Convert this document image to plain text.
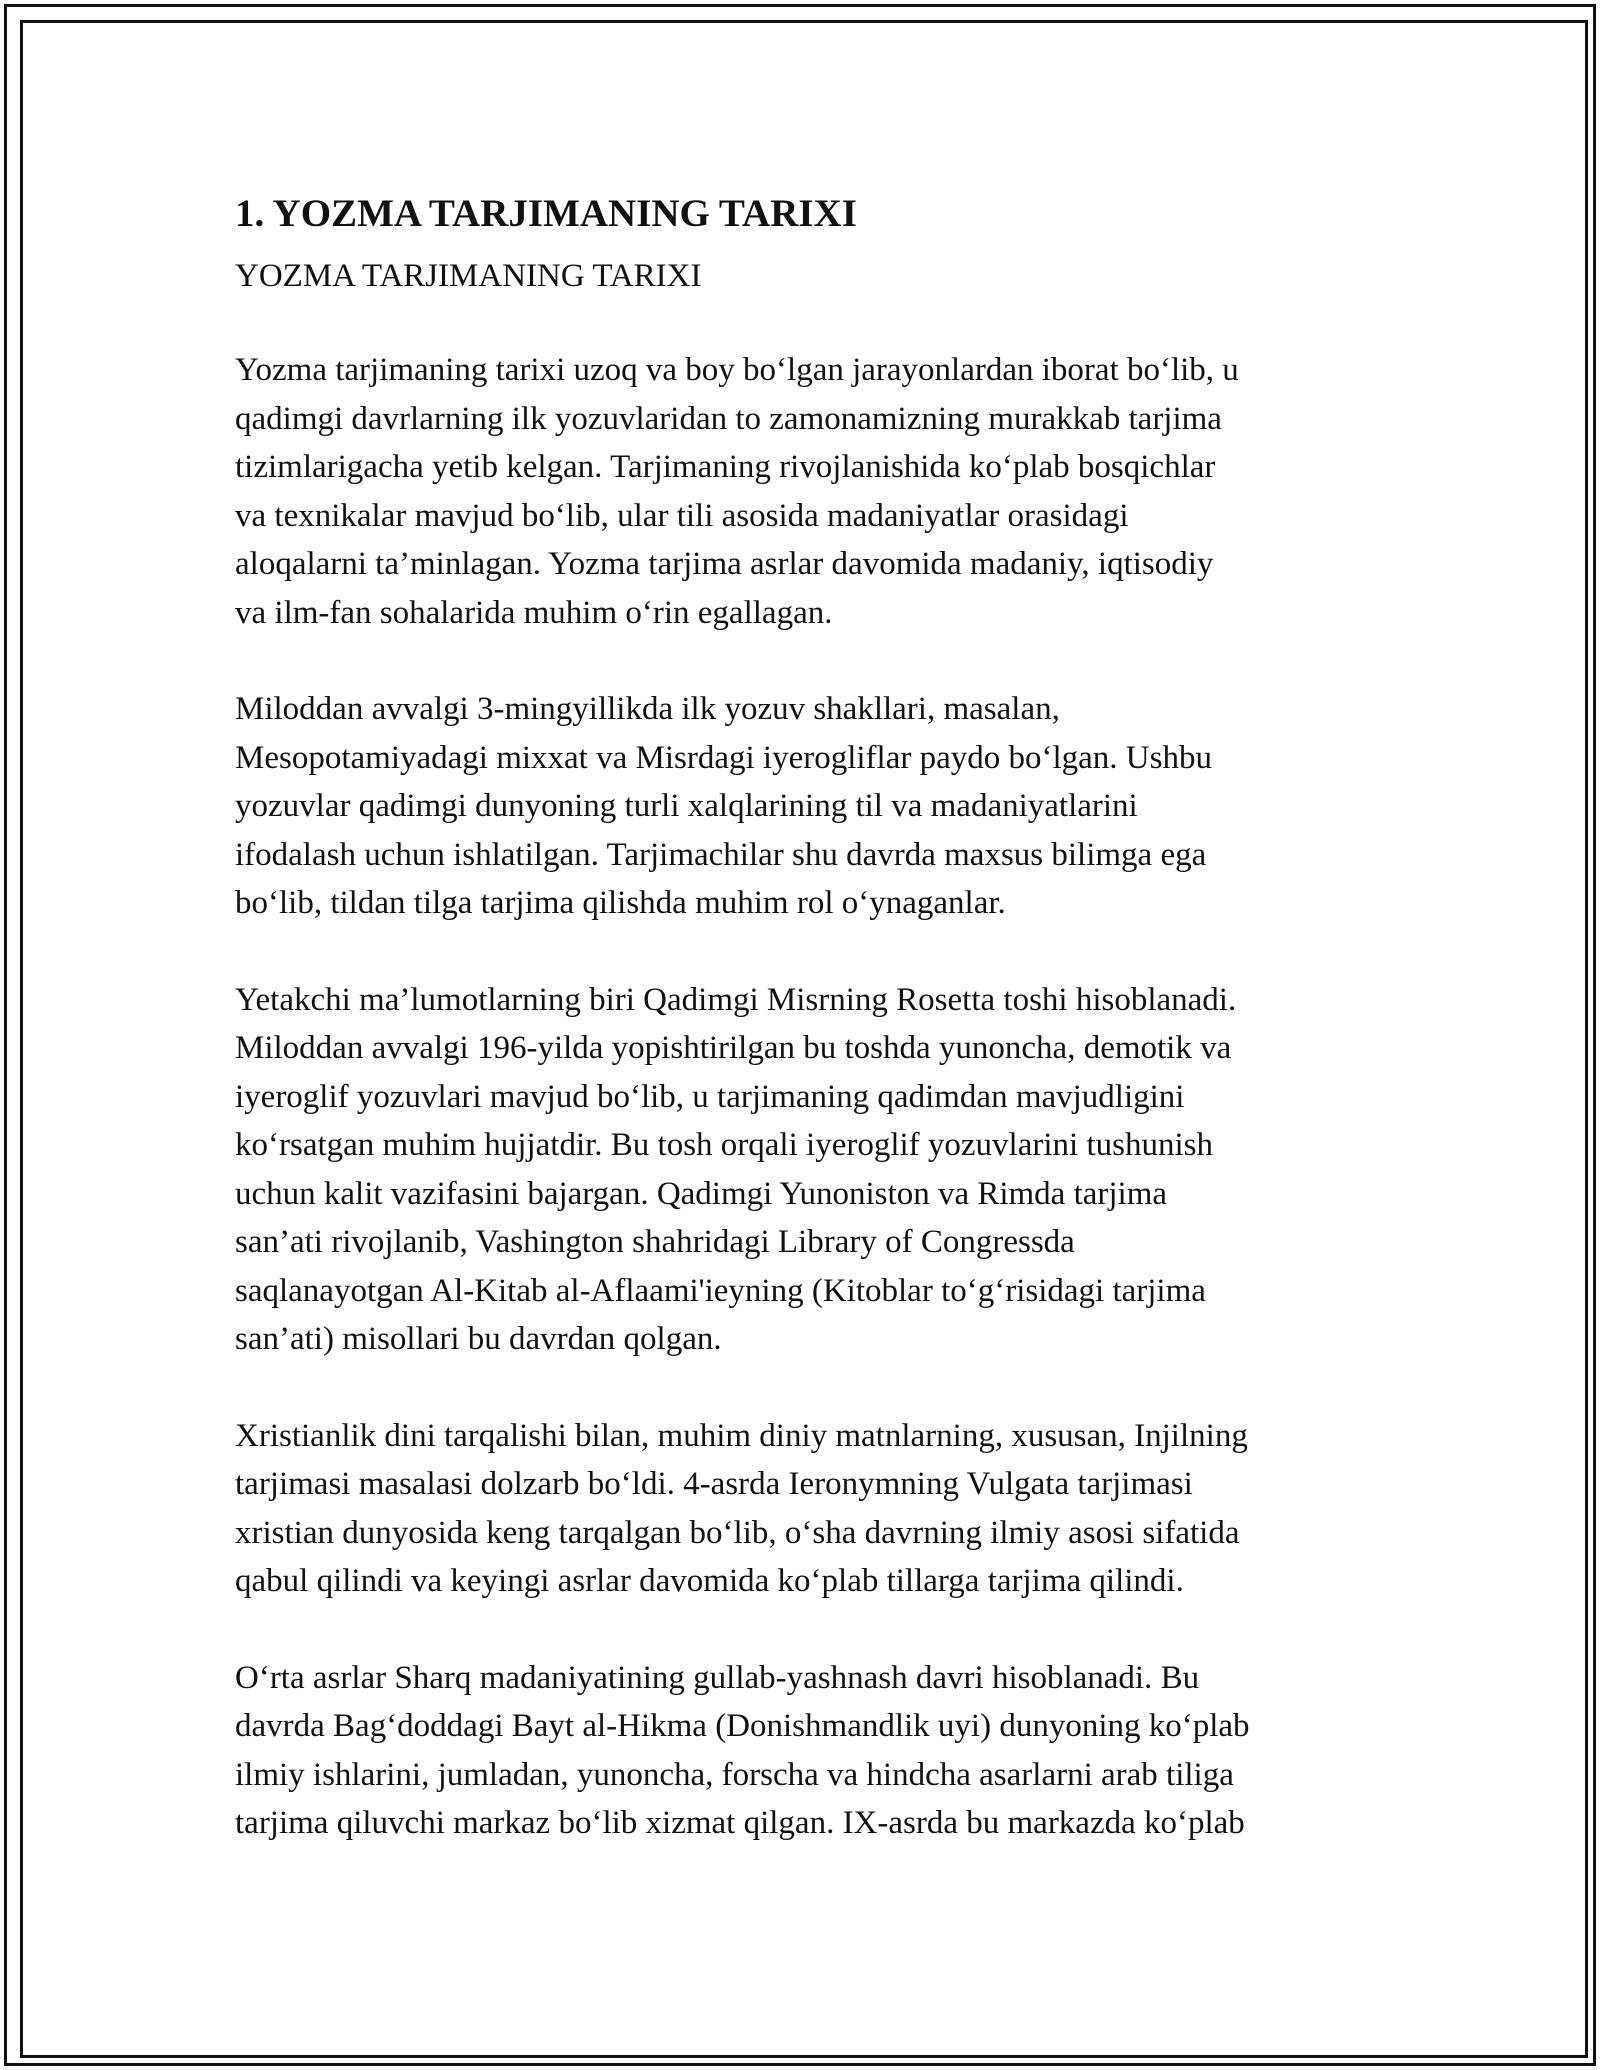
1. YOZMA TARJIMANING TARIXI
YOZMA TARJIMANING TARIXI
Yozma tarjimaning tarixi uzoq va boy bo‘lgan jarayonlardan iborat bo‘lib, u
qadimgi davrlarning ilk yozuvlaridan to zamonamizning murakkab tarjima
tizimlarigacha yetib kelgan. Tarjimaning rivojlanishida ko‘plab bosqichlar
va texnikalar mavjud bo‘lib, ular tili asosida madaniyatlar orasidagi
aloqalarni ta’minlagan. Yozma tarjima asrlar davomida madaniy, iqtisodiy
va ilm-fan sohalarida muhim o‘rin egallagan.
Miloddan avvalgi 3-mingyillikda ilk yozuv shakllari, masalan,
Mesopotamiyadagi mixxat va Misrdagi iyerogliflar paydo bo‘lgan. Ushbu
yozuvlar qadimgi dunyoning turli xalqlarining til va madaniyatlarini
ifodalash uchun ishlatilgan. Tarjimachilar shu davrda maxsus bilimga ega
bo‘lib, tildan tilga tarjima qilishda muhim rol o‘ynaganlar.
Yetakchi ma’lumotlarning biri Qadimgi Misrning Rosetta toshi hisoblanadi.
Miloddan avvalgi 196-yilda yopishtirilgan bu toshda yunoncha, demotik va
iyeroglif yozuvlari mavjud bo‘lib, u tarjimaning qadimdan mavjudligini
ko‘rsatgan muhim hujjatdir. Bu tosh orqali iyeroglif yozuvlarini tushunish
uchun kalit vazifasini bajargan. Qadimgi Yunoniston va Rimda tarjima
san’ati rivojlanib, Vashington shahridagi Library of Congressda
saqlanayotgan Al-Kitab al-Aflaami'ieyning (Kitoblar to‘g‘risidagi tarjima
san’ati) misollari bu davrdan qolgan.
Xristianlik dini tarqalishi bilan, muhim diniy matnlarning, xususan, Injilning
tarjimasi masalasi dolzarb bo‘ldi. 4-asrda Ieronymning Vulgata tarjimasi
xristian dunyosida keng tarqalgan bo‘lib, o‘sha davrning ilmiy asosi sifatida
qabul qilindi va keyingi asrlar davomida ko‘plab tillarga tarjima qilindi.
O‘rta asrlar Sharq madaniyatining gullab-yashnash davri hisoblanadi. Bu
davrda Bag‘doddagi Bayt al-Hikma (Donishmandlik uyi) dunyoning ko‘plab
ilmiy ishlarini, jumladan, yunoncha, forscha va hindcha asarlarni arab tiliga
tarjima qiluvchi markaz bo‘lib xizmat qilgan. IX-asrda bu markazda ko‘plab
